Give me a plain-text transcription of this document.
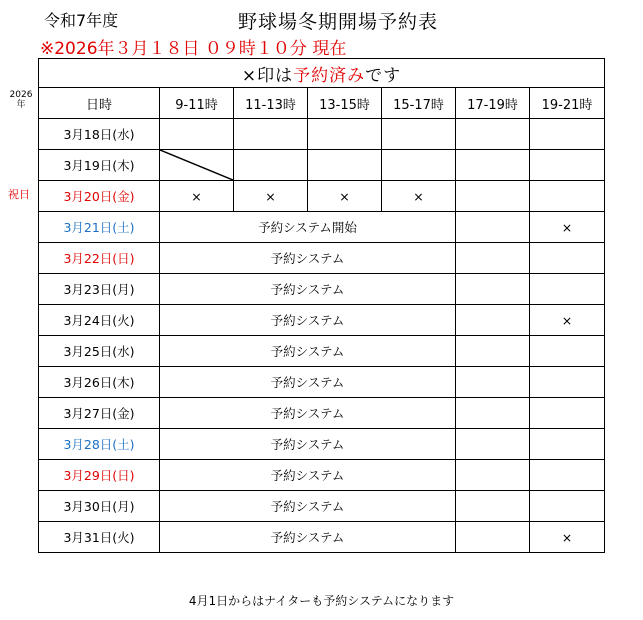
令和7年度	野球場冬期開場予約表
※2026年３月１８日 ０９時１０分 現在
2026
年
祝日
×印は予約済みです						
日時	9-11時	11-13時	13-15時	15-17時	17-19時	19-21時
3月18日(水)						
3月19日(木)	

3月20日(金)	×	×	×	×		
3月21日(土)	予約システム開始					×
3月22日(日)	予約システム					
3月23日(月)	予約システム					
3月24日(火)	予約システム					×
3月25日(水)	予約システム					
3月26日(木)	予約システム					
3月27日(金)	予約システム					
3月28日(土)	予約システム					
3月29日(日)	予約システム					
3月30日(月)	予約システム					
3月31日(火)	予約システム					×
4月1日からはナイターも予約システムになります
